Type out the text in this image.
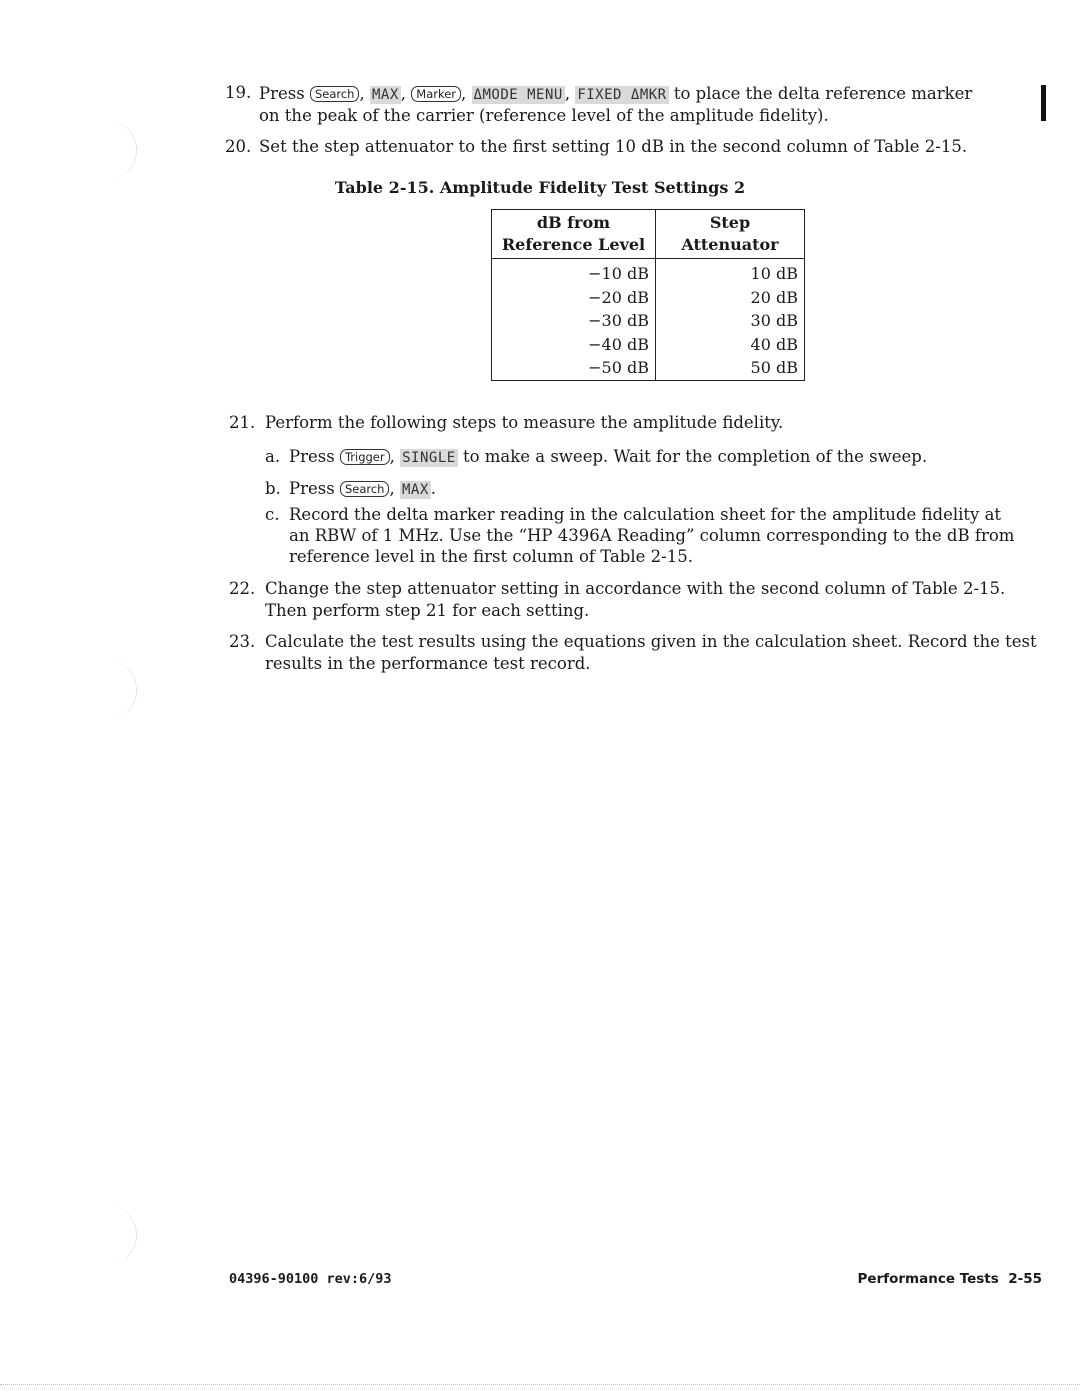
19. Press Search , MAX , Marker , ΔMODE MENU , FIXED ΔMKR to place the delta reference marker
on the peak of the carrier (reference level of the amplitude fidelity).
20. Set the step attenuator to the first setting 10 dB in the second column of Table 2-15.
Table 2-15. Amplitude Fidelity Test Settings 2
dB from
Reference Level	Step Attenuator
−10 dB	10 dB
−20 dB	20 dB
−30 dB	30 dB
−40 dB	40 dB
−50 dB	50 dB
21. Perform the following steps to measure the amplitude fidelity.
a. Press Trigger , SINGLE to make a sweep. Wait for the completion of the sweep.
b. Press Search , MAX .
c. Record the delta marker reading in the calculation sheet for the amplitude fidelity at
an RBW of 1 MHz. Use the “HP 4396A Reading” column corresponding to the dB from
reference level in the first column of Table 2-15.
22. Change the step attenuator setting in accordance with the second column of Table 2-15.
Then perform step 21 for each setting.
23. Calculate the test results using the equations given in the calculation sheet. Record the test
results in the performance test record.
04396-90100 rev:6/93	Performance Tests 2-55
